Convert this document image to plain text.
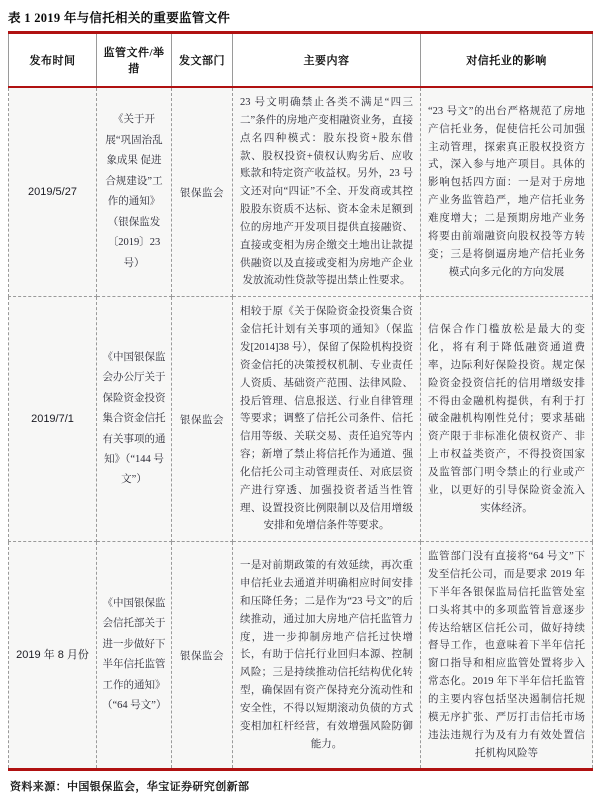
表 1 2019 年与信托相关的重要监管文件
发布时间	监管文件/举措	发文部门	主要内容	对信托业的影响
2019/5/27	《关于开展“巩固治乱象成果 促进合规建设”工作的通知》（银保监发〔2019〕23号）	银保监会	23 号文明确禁止各类不满足“四三二”条件的房地产变相融资业务，直接点名四种模式：股东投资+股东借款、股权投资+债权认购劣后、应收账款和特定资产收益权。另外，23 号文还对向“四证”不全、开发商或其控股股东资质不达标、资本金未足额到位的房地产开发项目提供直接融资、直接或变相为房企缴交土地出让款提供融资以及直接或变相为房地产企业发放流动性贷款等提出禁止性要求。	“23 号文”的出台严格规范了房地产信托业务，促使信托公司加强主动管理，探索真正股权投资方式，深入参与地产项目。具体的影响包括四方面：一是对于房地产业务监管趋严，地产信托业务难度增大；二是预期房地产业务将要由前端融资向股权投等方转变；三是将倒逼房地产信托业务模式向多元化的方向发展
2019/7/1	《中国银保监会办公厅关于保险资金投资集合资金信托有关事项的通知》（“144 号文”）	银保监会	相较于原《关于保险资金投资集合资金信托计划有关事项的通知》（保监发[2014]38 号），保留了保险机构投资资金信托的决策授权机制、专业责任人资质、基础资产范围、法律风险、投后管理、信息报送、行业自律管理等要求；调整了信托公司条件、信托信用等级、关联交易、责任追究等内容；新增了禁止将信托作为通道、强化信托公司主动管理责任、对底层资产进行穿透、加强投资者适当性管理、设置投资比例限制以及信用增级安排和免增信条件等要求。	信保合作门槛放松是最大的变化，将有利于降低融资通道费率，边际利好保险投资。规定保险资金投资信托的信用增级安排不得由金融机构提供，有利于打破金融机构刚性兑付；要求基础资产限于非标准化债权资产、非上市权益类资产，不得投资国家及监管部门明令禁止的行业或产业，以更好的引导保险资金流入实体经济。
2019 年 8 月份	《中国银保监会信托部关于进一步做好下半年信托监管工作的通知》（“64 号文”）	银保监会	一是对前期政策的有效延续，再次重申信托业去通道并明确相应时间安排和压降任务；二是作为“23 号文”的后续推动，通过加大房地产信托监管力度，进一步抑制房地产信托过快增长，有助于信托行业回归本源、控制风险；三是持续推动信托结构优化转型，确保固有资产保持充分流动性和安全性，不得以短期滚动负债的方式变相加杠杆经营，有效增强风险防御能力。	监管部门没有直接将“64 号文”下发至信托公司，而是要求 2019 年下半年各银保监局信托监管处室口头将其中的多项监管旨意逐步传达给辖区信托公司，做好持续督导工作，也意味着下半年信托窗口指导和相应监管处置将步入常态化。2019 年下半年信托监管的主要内容包括坚决遏制信托规模无序扩张、严厉打击信托市场违法违规行为及有力有效处置信托机构风险等
资料来源：中国银保监会，华宝证券研究创新部
